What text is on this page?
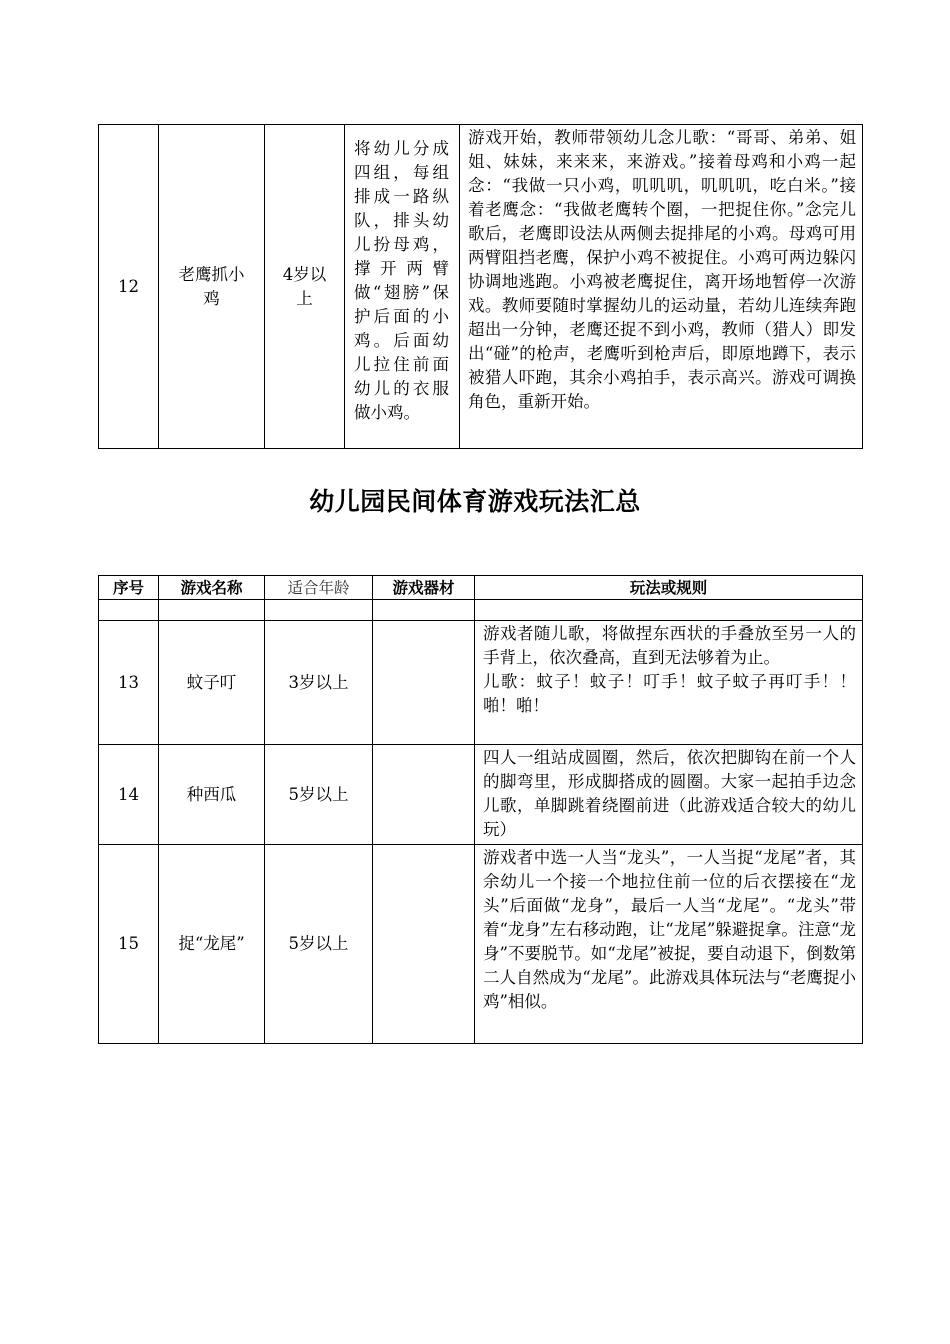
12	老鹰抓小鸡	4岁以上	将幼儿分成四组，每组排成一路纵队，排头幼儿扮母鸡，撑开两臂做“翅膀”保护后面的小鸡。后面幼儿拉住前面幼儿的衣服做小鸡。	游戏开始，教师带领幼儿念儿歌：“哥哥、弟弟、姐姐、妹妹，来来来，来游戏。”接着母鸡和小鸡一起念：“我做一只小鸡，叽叽叽，叽叽叽，吃白米。”接着老鹰念：“我做老鹰转个圈，一把捉住你。”念完儿歌后，老鹰即设法从两侧去捉排尾的小鸡。母鸡可用两臂阻挡老鹰，保护小鸡不被捉住。小鸡可两边躲闪协调地逃跑。小鸡被老鹰捉住，离开场地暂停一次游戏。教师要随时掌握幼儿的运动量，若幼儿连续奔跑超出一分钟，老鹰还捉不到小鸡，教师（猎人）即发出“碰”的枪声，老鹰听到枪声后，即原地蹲下，表示被猎人吓跑，其余小鸡拍手，表示高兴。游戏可调换角色，重新开始。
幼儿园民间体育游戏玩法汇总
序号	游戏名称	适合年龄	游戏器材	玩法或规则

13	蚊子叮	3岁以上		游戏者随儿歌，将做捏东西状的手叠放至另一人的手背上，依次叠高，直到无法够着为止。

儿歌：蚊子！蚊子！叮手！蚊子蚊子再叮手！！啪！啪！

14	种西瓜	5岁以上		四人一组站成圆圈，然后，依次把脚钩在前一个人的脚弯里，形成脚搭成的圆圈。大家一起拍手边念儿歌，单脚跳着绕圈前进（此游戏适合较大的幼儿玩）
15	捉“龙尾”	5岁以上		游戏者中选一人当“龙头”，一人当捉“龙尾”者，其余幼儿一个接一个地拉住前一位的后衣摆接在“龙头”后面做“龙身”，最后一人当“龙尾”。“龙头”带着“龙身”左右移动跑，让“龙尾”躲避捉拿。注意“龙身”不要脱节。如“龙尾”被捉，要自动退下，倒数第二人自然成为“龙尾”。此游戏具体玩法与“老鹰捉小鸡”相似。
